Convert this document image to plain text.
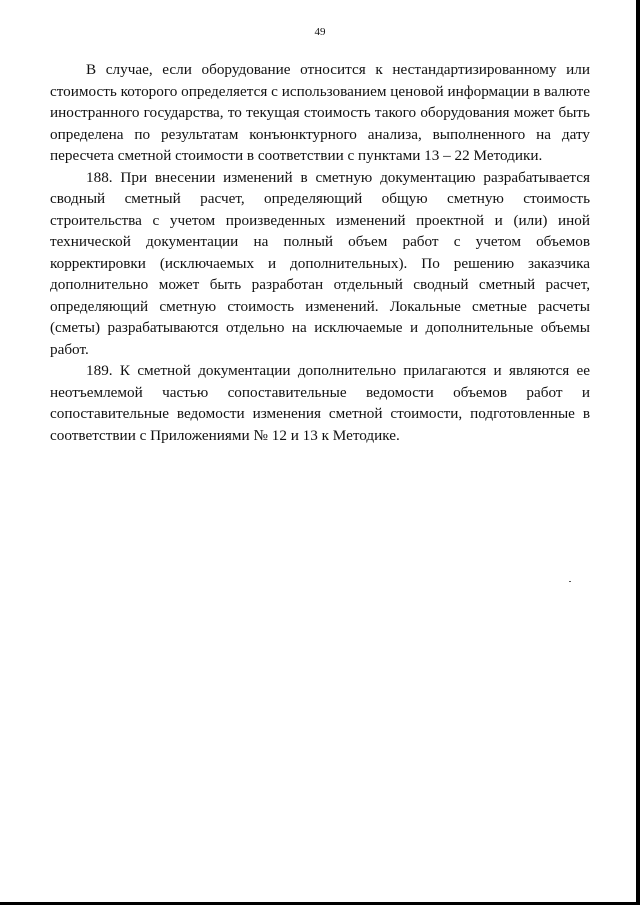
49

В случае, если оборудование относится к нестандартизированному или стоимость которого определяется с использованием ценовой информации в валюте иностранного государства, то текущая стоимость такого оборудования может быть определена по результатам конъюнктурного анализа, выполненного на дату пересчета сметной стоимости в соответствии с пунктами 13 – 22 Методики.

188. При внесении изменений в сметную документацию разрабатывается сводный сметный расчет, определяющий общую сметную стоимость строительства с учетом произведенных изменений проектной и (или) иной технической документации на полный объем работ с учетом объемов корректировки (исключаемых и дополнительных). По решению заказчика дополнительно может быть разработан отдельный сводный сметный расчет, определяющий сметную стоимость изменений. Локальные сметные расчеты (сметы) разрабатываются отдельно на исключаемые и дополнительные объемы работ.

189. К сметной документации дополнительно прилагаются и являются ее неотъемлемой частью сопоставительные ведомости объемов работ и сопоставительные ведомости изменения сметной стоимости, подготовленные в соответствии с Приложениями № 12 и 13 к Методике.
